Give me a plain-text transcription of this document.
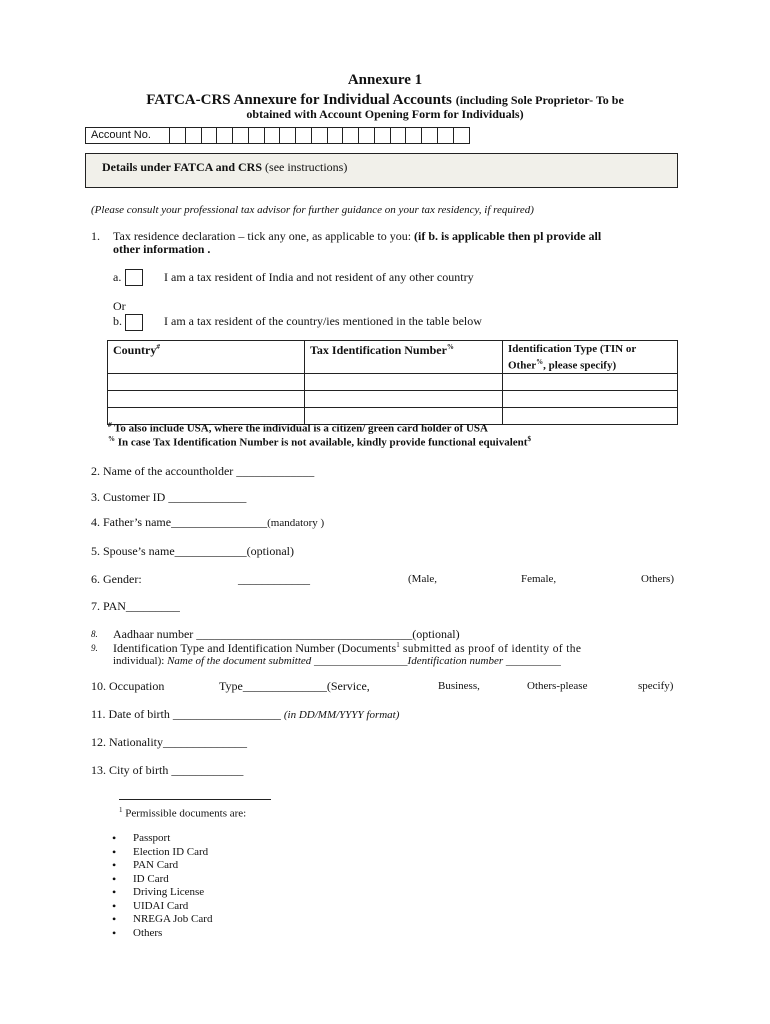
Annexure 1
FATCA-CRS Annexure for Individual Accounts (including Sole Proprietor- To be
obtained with Account Opening Form for Individuals)
Account No.
Details under FATCA and CRS (see instructions)
(Please consult your professional tax advisor for further guidance on your tax residency, if required)
1. Tax residence declaration – tick any one, as applicable to you: (if b. is applicable then pl provide all
other information .
a.	I am a tax resident of India and not resident of any other country
Or
b.	I am a tax resident of the country/ies mentioned in the table below
Country#	Tax Identification Number%	Identification Type (TIN or
Other%, please specify)

# To also include USA, where the individual is a citizen/ green card holder of USA
% In case Tax Identification Number is not available, kindly provide functional equivalent$
2. Name of the accountholder _____________
3. Customer ID _____________
4. Father’s name________________(mandatory )
5. Spouse’s name____________(optional)
6. Gender:	____________	(Male,	Female,	Others)
7. PAN_________
8. Aadhaar number ____________________________________(optional)
9. Identification Type and Identification Number (Documents$^1$ submitted as proof of identity of the
individual): Name of the document submitted _________________Identification number __________
10. Occupation	Type______________(Service,	Business,	Others-please	specify)
11. Date of birth __________________ (in DD/MM/YYYY format)
12. Nationality______________
13. City of birth ____________
$^1$ Permissible documents are:
• Passport
• Election ID Card
• PAN Card
• ID Card
• Driving License
• UIDAI Card
• NREGA Job Card
• Others
